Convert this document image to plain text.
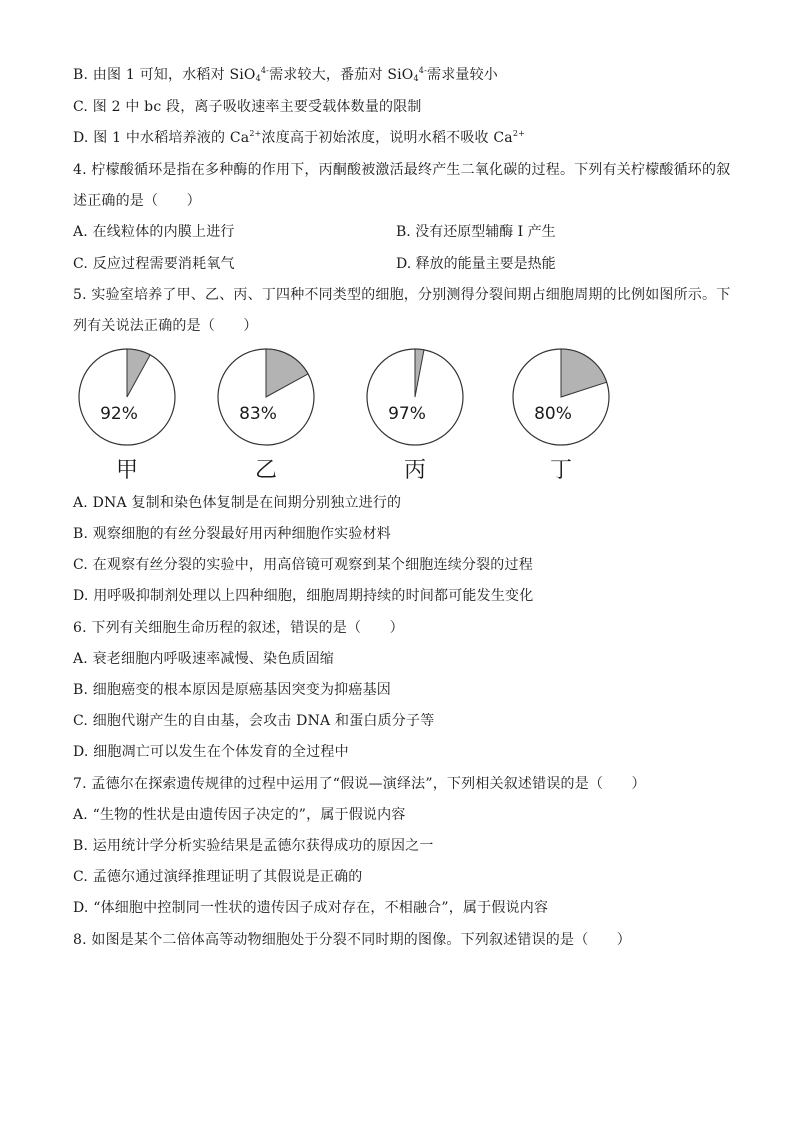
B. 由图 1 可知，水稻对 SiO$_4^{4-}$需求较大，番茄对 SiO$_4^{4-}$需求量较小
C. 图 2 中 bc 段，离子吸收速率主要受载体数量的限制
D. 图 1 中水稻培养液的 $Ca^{2+}$浓度高于初始浓度，说明水稻不吸收 $Ca^{2+}$
4. 柠檬酸循环是指在多种酶的作用下，丙酮酸被激活最终产生二氧化碳的过程。下列有关柠檬酸循环的叙
述正确的是（　　）
A. 在线粒体的内膜上进行	B. 没有还原型辅酶 I 产生
C. 反应过程需要消耗氧气	D. 释放的能量主要是热能
5. 实验室培养了甲、乙、丙、丁四种不同类型的细胞，分别测得分裂间期占细胞周期的比例如图所示。下
列有关说法正确的是（　　）
92%
甲
83%
乙
97%
丙
80%
丁
A. DNA 复制和染色体复制是在间期分别独立进行的
B. 观察细胞的有丝分裂最好用丙种细胞作实验材料
C. 在观察有丝分裂的实验中，用高倍镜可观察到某个细胞连续分裂的过程
D. 用呼吸抑制剂处理以上四种细胞，细胞周期持续的时间都可能发生变化
6. 下列有关细胞生命历程的叙述，错误的是（　　）
A. 衰老细胞内呼吸速率减慢、染色质固缩
B. 细胞癌变的根本原因是原癌基因突变为抑癌基因
C. 细胞代谢产生的自由基，会攻击 DNA 和蛋白质分子等
D. 细胞凋亡可以发生在个体发育的全过程中
7. 孟德尔在探索遗传规律的过程中运用了“假说—演绎法”，下列相关叙述错误的是（　　）
A. “生物的性状是由遗传因子决定的”，属于假说内容
B. 运用统计学分析实验结果是孟德尔获得成功的原因之一
C. 孟德尔通过演绎推理证明了其假说是正确的
D. “体细胞中控制同一性状的遗传因子成对存在，不相融合”，属于假说内容
8. 如图是某个二倍体高等动物细胞处于分裂不同时期的图像。下列叙述错误的是（　　）
